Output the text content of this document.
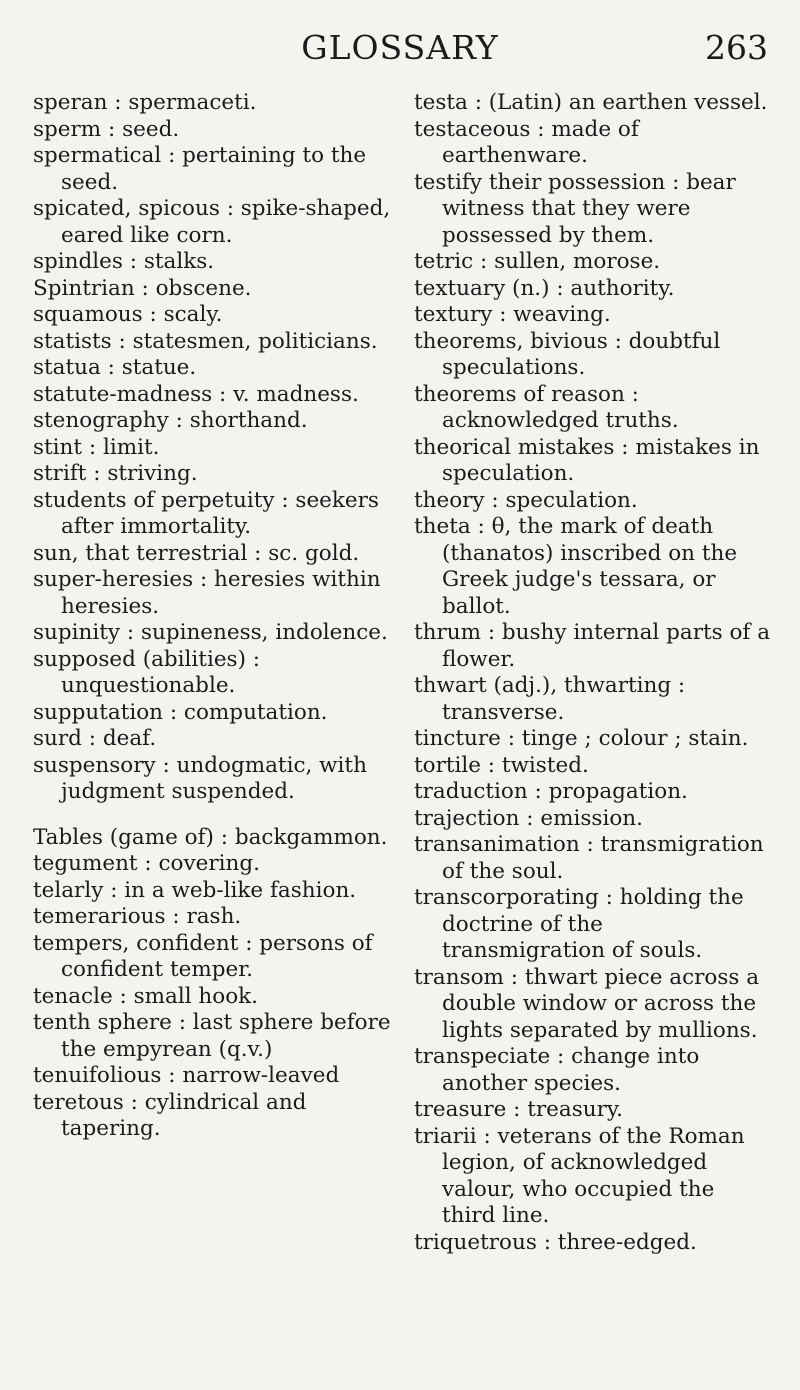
GLOSSARY	263

speran : spermaceti.

sperm : seed.

spermatical : pertaining to the seed.

spicated, spicous : spike-shaped, eared like corn.

spindles : stalks.

Spintrian : obscene.

squamous : scaly.

statists : statesmen, politicians.

statua : statue.

statute-madness : v. madness.

stenography : shorthand.

stint : limit.

strift : striving.

students of perpetuity : seekers after immortality.

sun, that terrestrial : sc. gold.

super-heresies : heresies within heresies.

supinity : supineness, indolence.

supposed (abilities) : unquestionable.

supputation : computation.

surd : deaf.

suspensory : undogmatic, with judgment suspended.

Tables (game of) : backgammon.

tegument : covering.

telarly : in a web-like fashion.

temerarious : rash.

tempers, confident : persons of confident temper.

tenacle : small hook.

tenth sphere : last sphere before the empyrean (q.v.)

tenuifolious : narrow-leaved

teretous : cylindrical and tapering.

testa : (Latin) an earthen vessel.

testaceous : made of earthenware.

testify their possession : bear witness that they were possessed by them.

tetric : sullen, morose.

textuary (n.) : authority.

textury : weaving.

theorems, bivious : doubtful speculations.

theorems of reason : acknowledged truths.

theorical mistakes : mistakes in speculation.

theory : speculation.

theta : θ, the mark of death (thanatos) inscribed on the Greek judge's tessara, or ballot.

thrum : bushy internal parts of a flower.

thwart (adj.), thwarting : transverse.

tincture : tinge ; colour ; stain.

tortile : twisted.

traduction : propagation.

trajection : emission.

transanimation : transmigration of the soul.

transcorporating : holding the doctrine of the transmigration of souls.

transom : thwart piece across a double window or across the lights separated by mullions.

transpeciate : change into another species.

treasure : treasury.

triarii : veterans of the Roman legion, of acknowledged valour, who occupied the third line.

triquetrous : three-edged.
